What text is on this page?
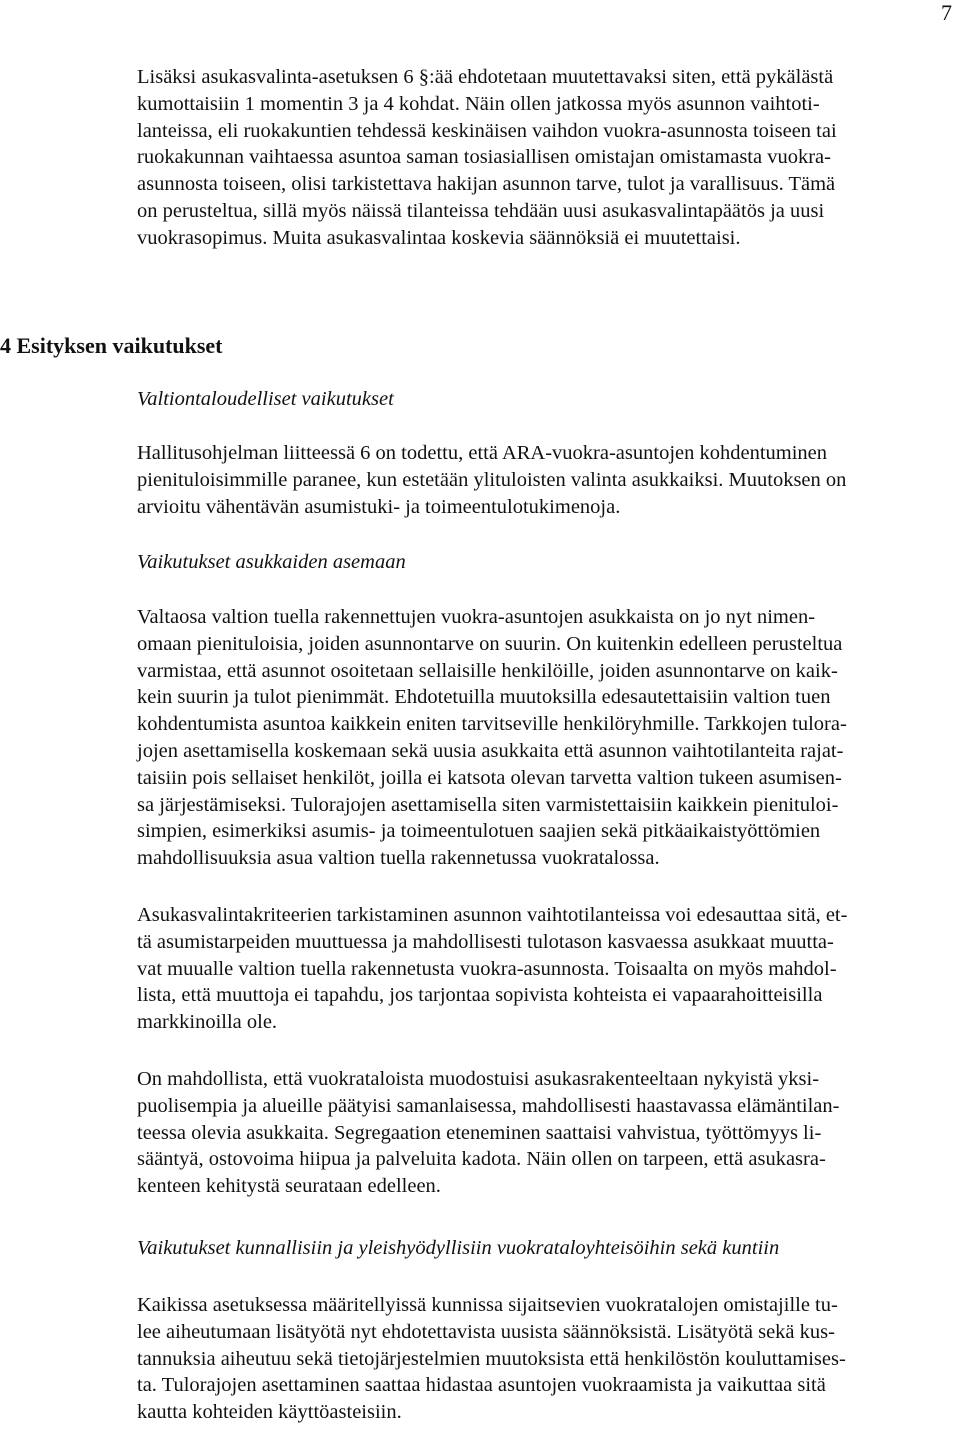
7

Lisäksi asukasvalinta-asetuksen 6 §:ää ehdotetaan muutettavaksi siten, että pykälästä
kumottaisiin 1 momentin 3 ja 4 kohdat. Näin ollen jatkossa myös asunnon vaihtoti-
lanteissa, eli ruokakuntien tehdessä keskinäisen vaihdon vuokra-asunnosta toiseen tai
ruokakunnan vaihtaessa asuntoa saman tosiasiallisen omistajan omistamasta vuokra-
asunnosta toiseen, olisi tarkistettava hakijan asunnon tarve, tulot ja varallisuus. Tämä
on perusteltua, sillä myös näissä tilanteissa tehdään uusi asukasvalintapäätös ja uusi
vuokrasopimus. Muita asukasvalintaa koskevia säännöksiä ei muutettaisi.

4 Esityksen vaikutukset
Valtiontaloudelliset vaikutukset

Hallitusohjelman liitteessä 6 on todettu, että ARA-vuokra-asuntojen kohdentuminen
pienituloisimmille paranee, kun estetään ylituloisten valinta asukkaiksi. Muutoksen on
arvioitu vähentävän asumistuki- ja toimeentulotukimenoja.

Vaikutukset asukkaiden asemaan

Valtaosa valtion tuella rakennettujen vuokra-asuntojen asukkaista on jo nyt nimen-
omaan pienituloisia, joiden asunnontarve on suurin. On kuitenkin edelleen perusteltua
varmistaa, että asunnot osoitetaan sellaisille henkilöille, joiden asunnontarve on kaik-
kein suurin ja tulot pienimmät. Ehdotetuilla muutoksilla edesautettaisiin valtion tuen
kohdentumista asuntoa kaikkein eniten tarvitseville henkilöryhmille. Tarkkojen tulora-
jojen asettamisella koskemaan sekä uusia asukkaita että asunnon vaihtotilanteita rajat-
taisiin pois sellaiset henkilöt, joilla ei katsota olevan tarvetta valtion tukeen asumisen-
sa järjestämiseksi. Tulorajojen asettamisella siten varmistettaisiin kaikkein pienituloi-
simpien, esimerkiksi asumis- ja toimeentulotuen saajien sekä pitkäaikaistyöttömien
mahdollisuuksia asua valtion tuella rakennetussa vuokratalossa.

Asukasvalintakriteerien tarkistaminen asunnon vaihtotilanteissa voi edesauttaa sitä, et-
tä asumistarpeiden muuttuessa ja mahdollisesti tulotason kasvaessa asukkaat muutta-
vat muualle valtion tuella rakennetusta vuokra-asunnosta. Toisaalta on myös mahdol-
lista, että muuttoja ei tapahdu, jos tarjontaa sopivista kohteista ei vapaarahoitteisilla
markkinoilla ole.

On mahdollista, että vuokrataloista muodostuisi asukasrakenteeltaan nykyistä yksi-
puolisempia ja alueille päätyisi samanlaisessa, mahdollisesti haastavassa elämäntilan-
teessa olevia asukkaita. Segregaation eteneminen saattaisi vahvistua, työttömyys li-
sääntyä, ostovoima hiipua ja palveluita kadota. Näin ollen on tarpeen, että asukasra-
kenteen kehitystä seurataan edelleen.

Vaikutukset kunnallisiin ja yleishyödyllisiin vuokrataloyhteisöihin sekä kuntiin

Kaikissa asetuksessa määritellyissä kunnissa sijaitsevien vuokratalojen omistajille tu-
lee aiheutumaan lisätyötä nyt ehdotettavista uusista säännöksistä. Lisätyötä sekä kus-
tannuksia aiheutuu sekä tietojärjestelmien muutoksista että henkilöstön kouluttamises-
ta. Tulorajojen asettaminen saattaa hidastaa asuntojen vuokraamista ja vaikuttaa sitä
kautta kohteiden käyttöasteisiin.
